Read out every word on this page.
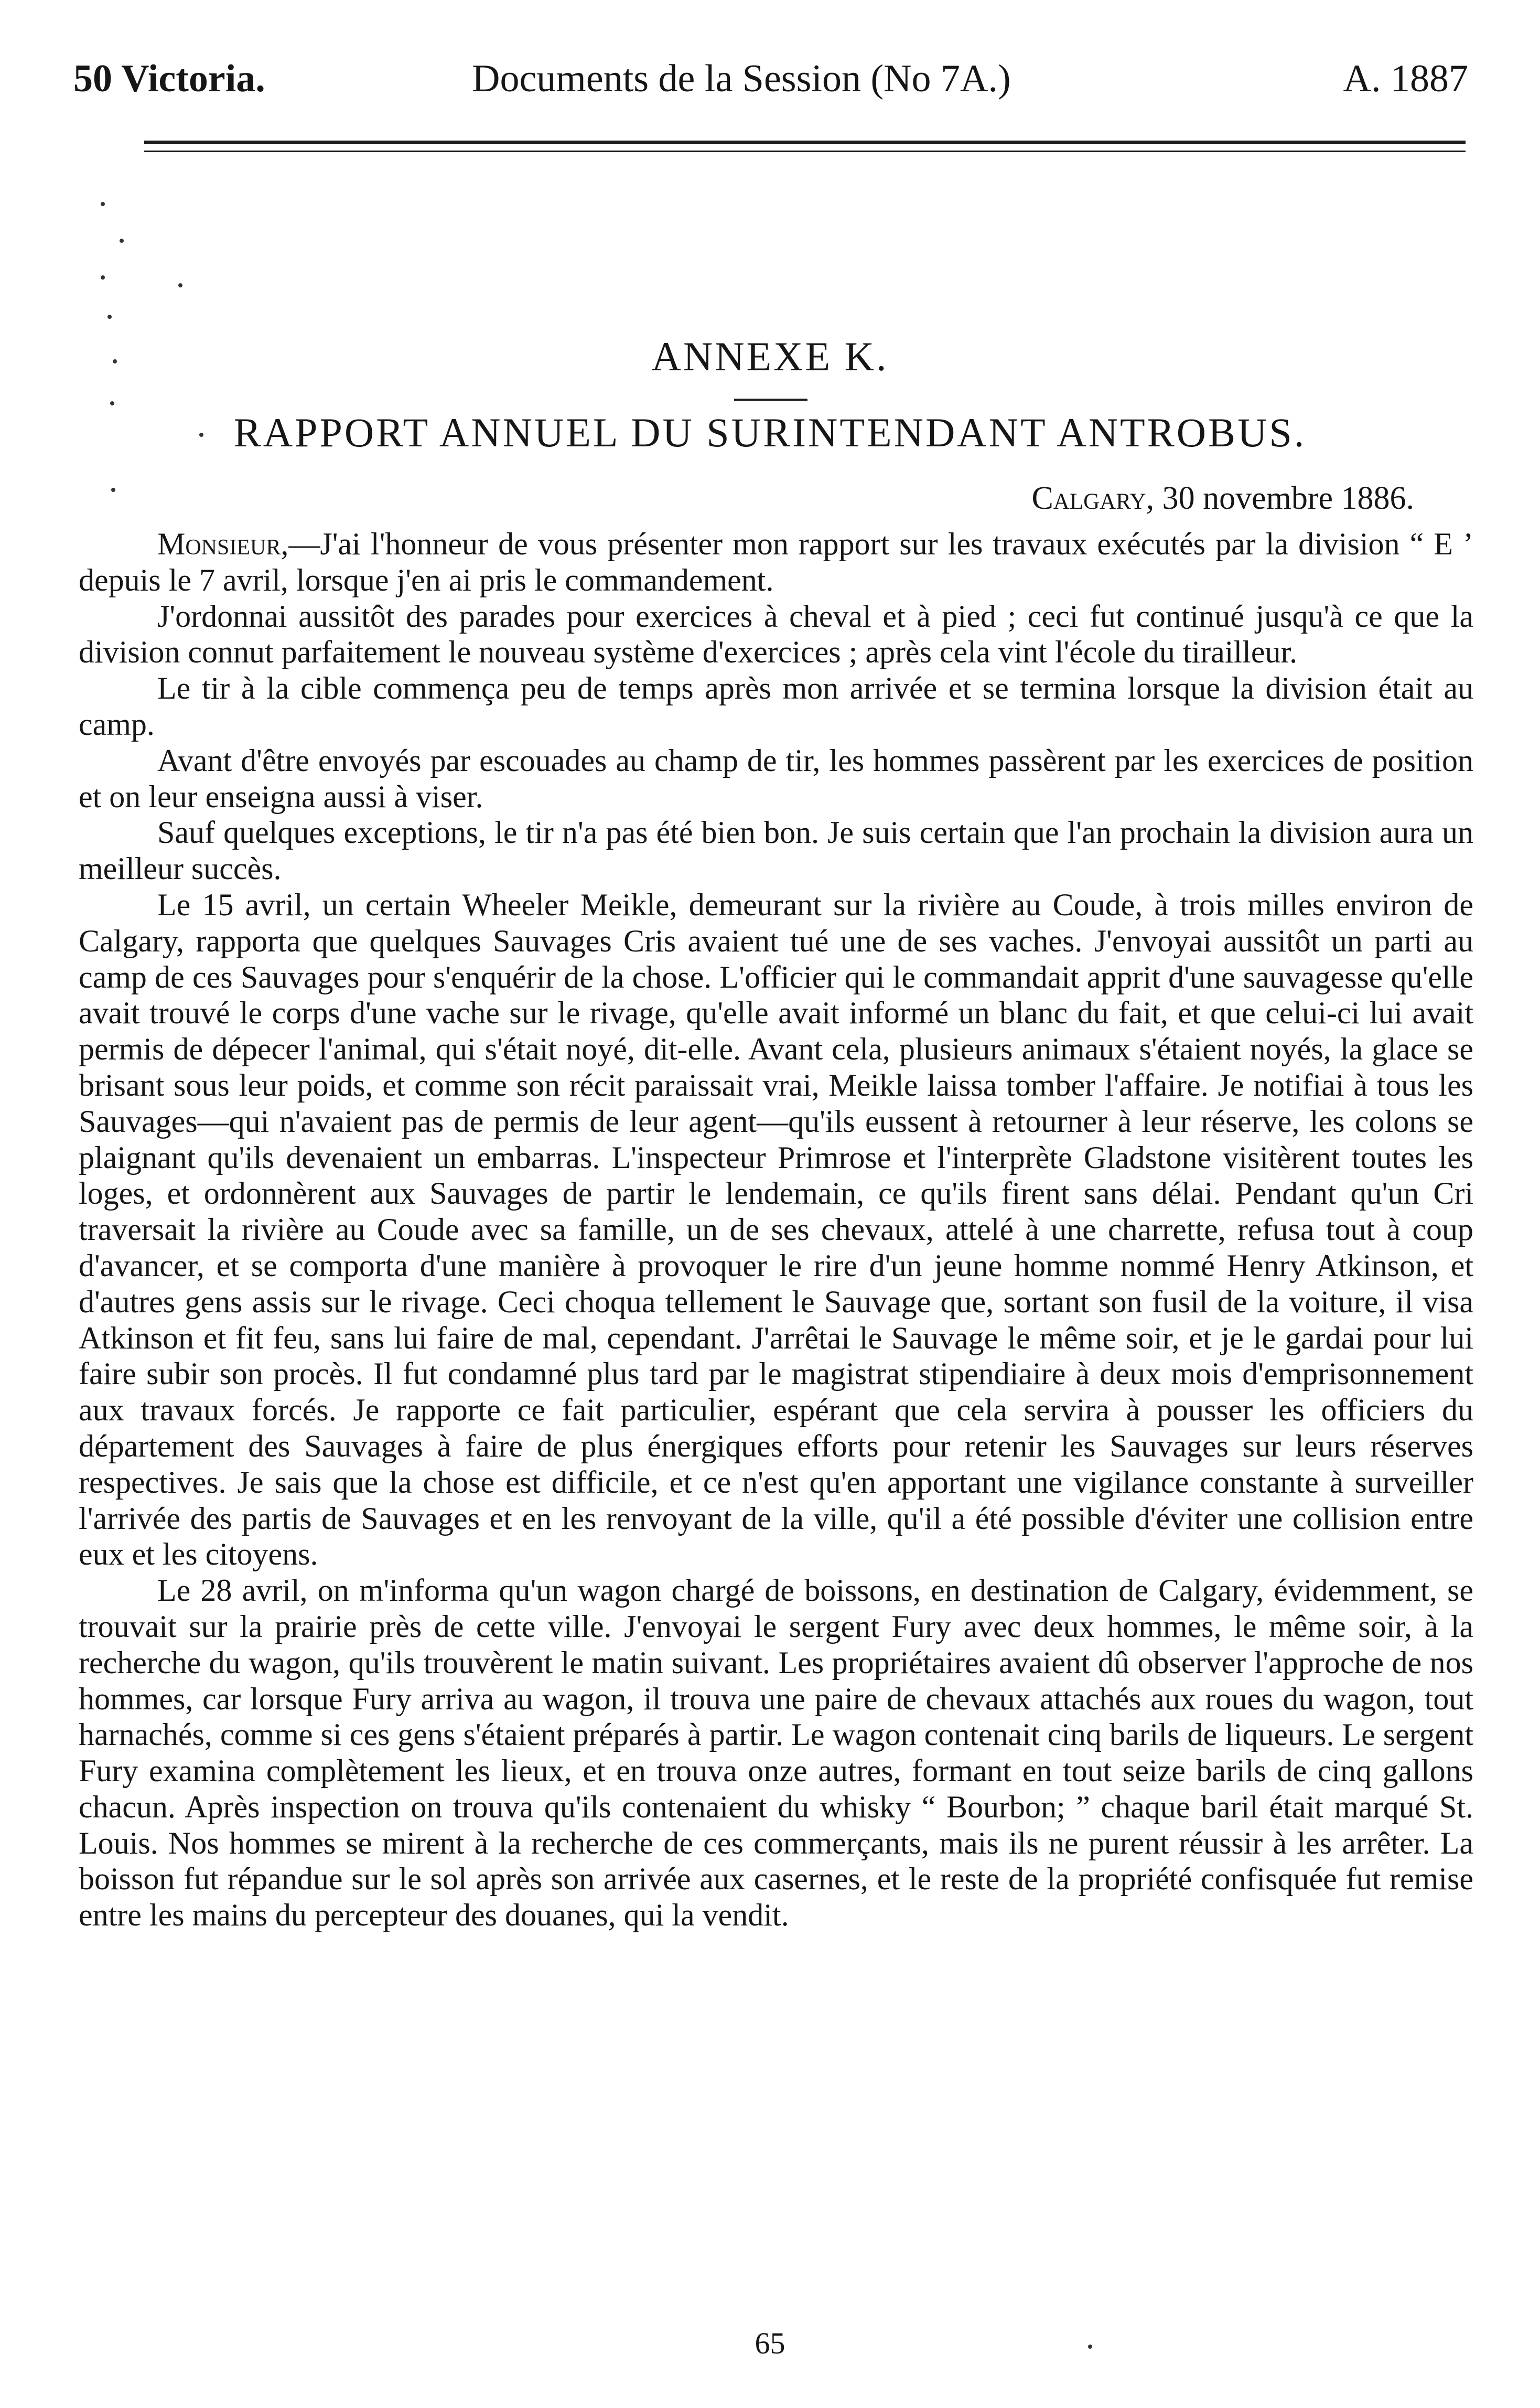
50 Victoria.	Documents de la Session (No 7A.)	A. 1887
ANNEXE K.
RAPPORT ANNUEL DU SURINTENDANT ANTROBUS.
Calgary, 30 novembre 1886.

Monsieur,—J'ai l'honneur de vous présenter mon rapport sur les travaux exécutés par la division “ E ’ depuis le 7 avril, lorsque j'en ai pris le commandement.

J'ordonnai aussitôt des parades pour exercices à cheval et à pied ; ceci fut continué jusqu'à ce que la division connut parfaitement le nouveau système d'exercices ; après cela vint l'école du tirailleur.

Le tir à la cible commença peu de temps après mon arrivée et se termina lorsque la division était au camp.

Avant d'être envoyés par escouades au champ de tir, les hommes passèrent par les exercices de position et on leur enseigna aussi à viser.

Sauf quelques exceptions, le tir n'a pas été bien bon. Je suis certain que l'an prochain la division aura un meilleur succès.

Le 15 avril, un certain Wheeler Meikle, demeurant sur la rivière au Coude, à trois milles environ de Calgary, rapporta que quelques Sauvages Cris avaient tué une de ses vaches. J'envoyai aussitôt un parti au camp de ces Sauvages pour s'enquérir de la chose. L'officier qui le commandait apprit d'une sauvagesse qu'elle avait trouvé le corps d'une vache sur le rivage, qu'elle avait informé un blanc du fait, et que celui-ci lui avait permis de dépecer l'animal, qui s'était noyé, dit-elle. Avant cela, plusieurs animaux s'étaient noyés, la glace se brisant sous leur poids, et comme son récit paraissait vrai, Meikle laissa tomber l'affaire. Je notifiai à tous les Sauvages—qui n'avaient pas de permis de leur agent—qu'ils eussent à retourner à leur réserve, les colons se plaignant qu'ils devenaient un embarras. L'inspecteur Primrose et l'interprète Gladstone visitèrent toutes les loges, et ordonnèrent aux Sauvages de partir le lendemain, ce qu'ils firent sans délai. Pendant qu'un Cri traversait la rivière au Coude avec sa famille, un de ses chevaux, attelé à une charrette, refusa tout à coup d'avancer, et se comporta d'une manière à provoquer le rire d'un jeune homme nommé Henry Atkinson, et d'autres gens assis sur le rivage. Ceci choqua tellement le Sauvage que, sortant son fusil de la voiture, il visa Atkinson et fit feu, sans lui faire de mal, cependant. J'arrêtai le Sauvage le même soir, et je le gardai pour lui faire subir son procès. Il fut condamné plus tard par le magistrat stipendiaire à deux mois d'emprisonnement aux travaux forcés. Je rapporte ce fait particulier, espérant que cela servira à pousser les officiers du département des Sauvages à faire de plus énergiques efforts pour retenir les Sauvages sur leurs réserves respectives. Je sais que la chose est difficile, et ce n'est qu'en apportant une vigilance constante à surveiller l'arrivée des partis de Sauvages et en les renvoyant de la ville, qu'il a été possible d'éviter une collision entre eux et les citoyens.

Le 28 avril, on m'informa qu'un wagon chargé de boissons, en destination de Calgary, évidemment, se trouvait sur la prairie près de cette ville. J'envoyai le sergent Fury avec deux hommes, le même soir, à la recherche du wagon, qu'ils trouvèrent le matin suivant. Les propriétaires avaient dû observer l'approche de nos hommes, car lorsque Fury arriva au wagon, il trouva une paire de chevaux attachés aux roues du wagon, tout harnachés, comme si ces gens s'étaient préparés à partir. Le wagon contenait cinq barils de liqueurs. Le sergent Fury examina complètement les lieux, et en trouva onze autres, formant en tout seize barils de cinq gallons chacun. Après inspection on trouva qu'ils contenaient du whisky “ Bourbon; ” chaque baril était marqué St. Louis. Nos hommes se mirent à la recherche de ces commerçants, mais ils ne purent réussir à les arrêter. La boisson fut répandue sur le sol après son arrivée aux casernes, et le reste de la propriété confisquée fut remise entre les mains du percepteur des douanes, qui la vendit.

65
